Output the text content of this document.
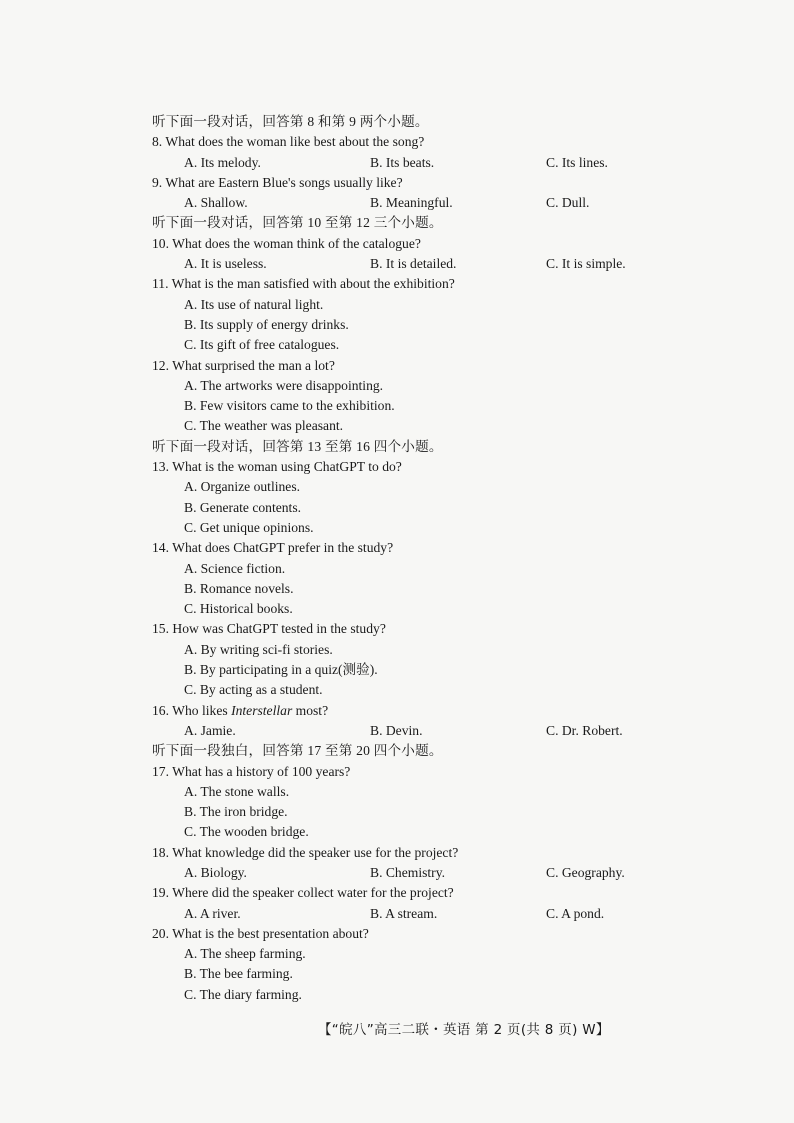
听下面一段对话，回答第 8 和第 9 两个小题。
8. What does the woman like best about the song?
A. Its melody.	B. Its beats.	C. Its lines.
9. What are Eastern Blue's songs usually like?
A. Shallow.	B. Meaningful.	C. Dull.
听下面一段对话，回答第 10 至第 12 三个小题。
10. What does the woman think of the catalogue?
A. It is useless.	B. It is detailed.	C. It is simple.
11. What is the man satisfied with about the exhibition?
A. Its use of natural light.
B. Its supply of energy drinks.
C. Its gift of free catalogues.
12. What surprised the man a lot?
A. The artworks were disappointing.
B. Few visitors came to the exhibition.
C. The weather was pleasant.
听下面一段对话，回答第 13 至第 16 四个小题。
13. What is the woman using ChatGPT to do?
A. Organize outlines.
B. Generate contents.
C. Get unique opinions.
14. What does ChatGPT prefer in the study?
A. Science fiction.
B. Romance novels.
C. Historical books.
15. How was ChatGPT tested in the study?
A. By writing sci-fi stories.
B. By participating in a quiz(测验).
C. By acting as a student.
16. Who likes Interstellar most?
A. Jamie.	B. Devin.	C. Dr. Robert.
听下面一段独白，回答第 17 至第 20 四个小题。
17. What has a history of 100 years?
A. The stone walls.
B. The iron bridge.
C. The wooden bridge.
18. What knowledge did the speaker use for the project?
A. Biology.	B. Chemistry.	C. Geography.
19. Where did the speaker collect water for the project?
A. A river.	B. A stream.	C. A pond.
20. What is the best presentation about?
A. The sheep farming.
B. The bee farming.
C. The diary farming.
【“皖八”高三二联・英语 第 2 页(共 8 页) W】
